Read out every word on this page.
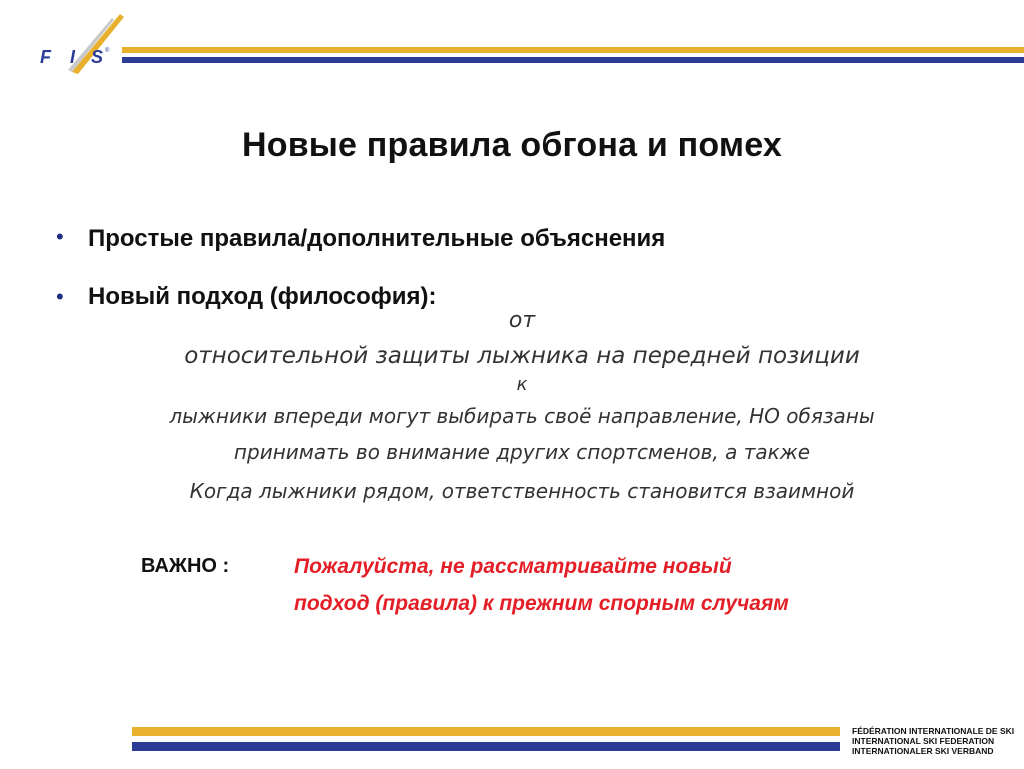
F I S ®
Новые правила обгона и помех
• Простые правила/дополнительные объяснения
• Новый подход (философия):
от
относительной защиты лыжника на передней позиции
к
лыжники впереди могут выбирать своё направление, НО обязаны
принимать во внимание других спортсменов, а также
Когда лыжники рядом, ответственность становится взаимной
ВАЖНО :	Пожалуйста, не рассматривайте новый
подход (правила) к прежним спорным случаям
FÉDÉRATION INTERNATIONALE DE SKI
INTERNATIONAL SKI FEDERATION
INTERNATIONALER SKI VERBAND
